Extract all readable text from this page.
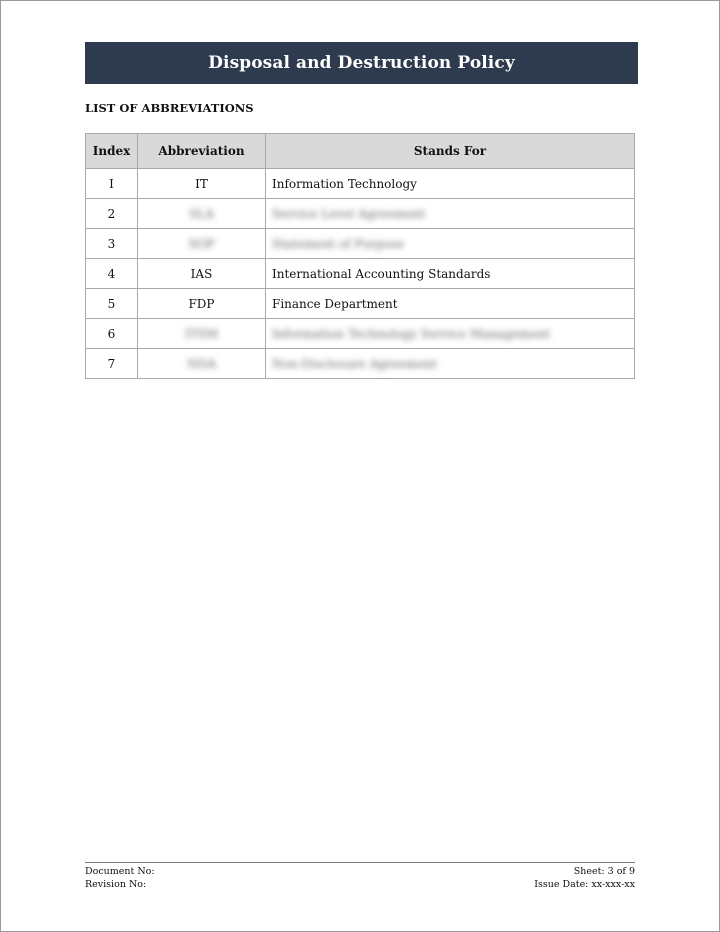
Disposal and Destruction Policy
LIST OF ABBREVIATIONS
Index	Abbreviation	Stands For
I	IT	Information Technology
2	SLA	Service Level Agreement
3	SOP	Statement of Purpose
4	IAS	International Accounting Standards
5	FDP	Finance Department
6	ITSM	Information Technology Service Management
7	NDA	Non-Disclosure Agreement
Document No:
Revision No:
Sheet: 3 of 9
Issue Date: xx-xxx-xx
